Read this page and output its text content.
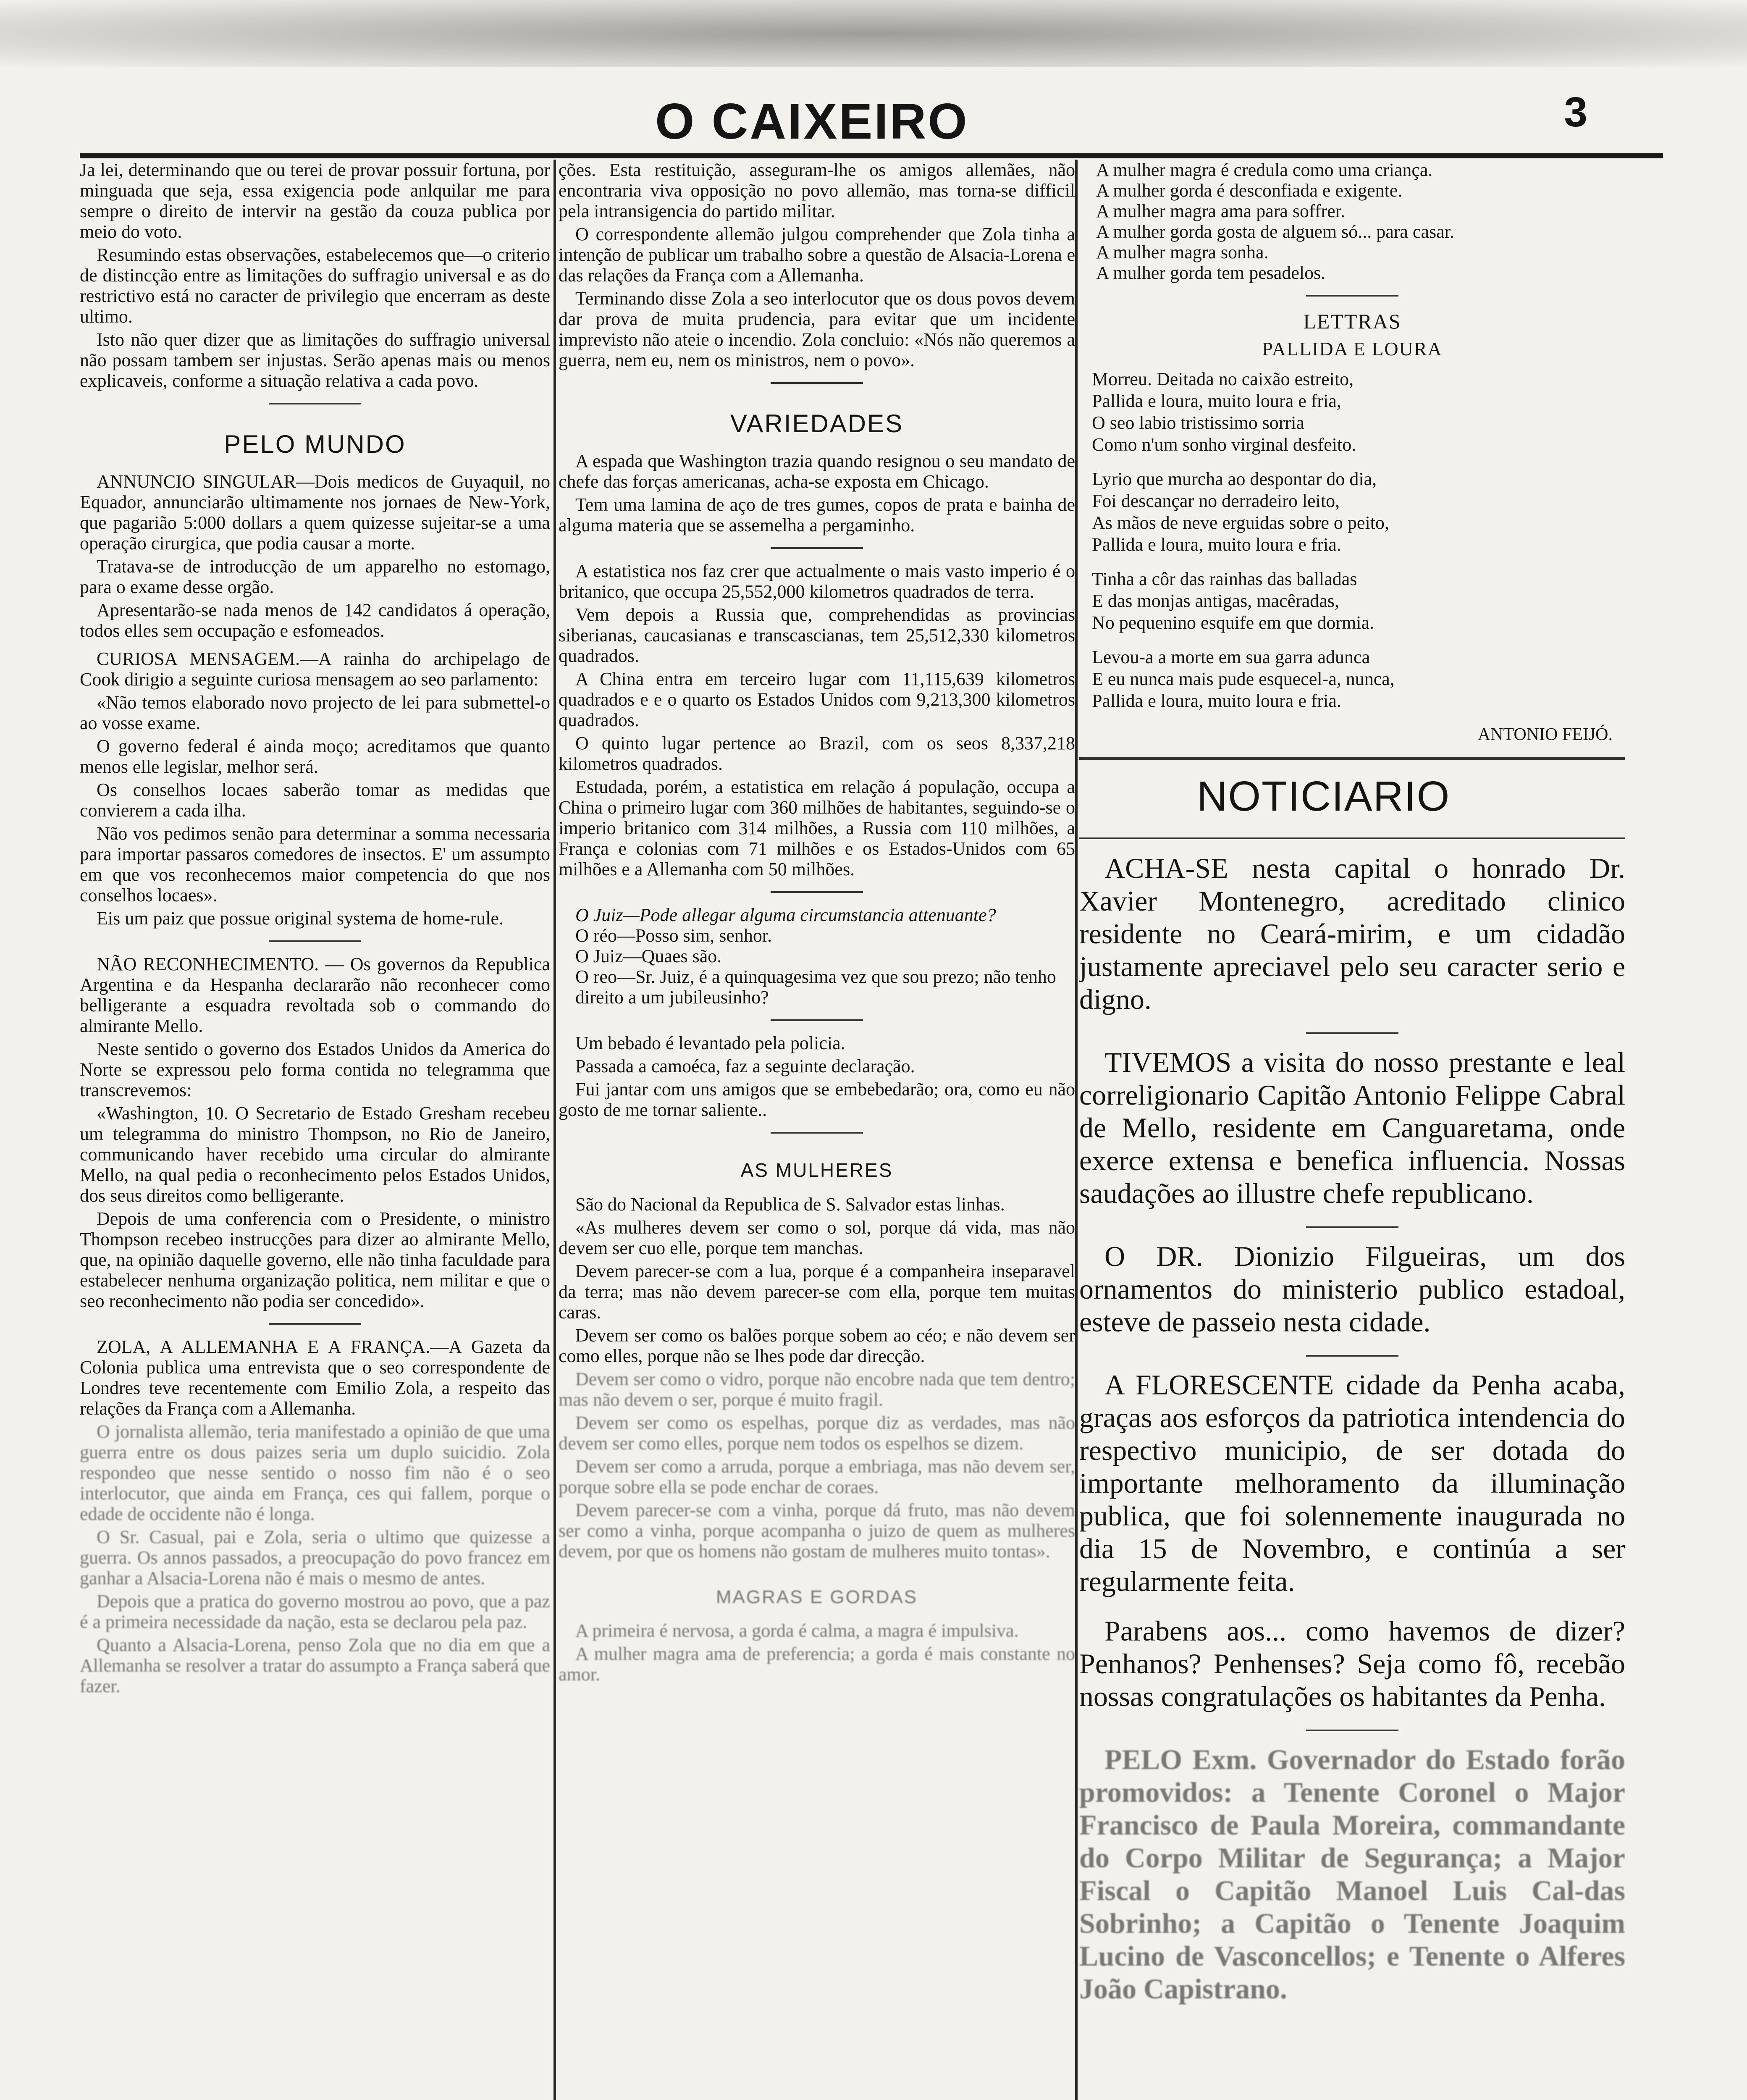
O CAIXEIRO	3

Ja lei, determinando que ou terei de provar possuir fortuna, por minguada que seja, essa exigencia pode anlquilar me para sempre o direito de intervir na gestão da couza publica por meio do voto.

Resumindo estas observações, estabelecemos que—o criterio de distincção entre as limitações do suffragio universal e as do restrictivo está no caracter de privilegio que encerram as deste ultimo.

Isto não quer dizer que as limitações do suffragio universal não possam tambem ser injustas. Serão apenas mais ou menos explicaveis, conforme a situação relativa a cada povo.

PELO MUNDO

ANNUNCIO SINGULAR—Dois medicos de Guyaquil, no Equador, annunciarão ultimamente nos jornaes de New-York, que pagarião 5:000 dollars a quem quizesse sujeitar-se a uma operação cirurgica, que podia causar a morte.

Tratava-se de introducção de um apparelho no estomago, para o exame desse orgão.

Apresentarão-se nada menos de 142 candidatos á operação, todos elles sem occupação e esfomeados.

CURIOSA MENSAGEM.—A rainha do archipelago de Cook dirigio a seguinte curiosa mensagem ao seo parlamento:

«Não temos elaborado novo projecto de lei para submettel-o ao vosse exame.

O governo federal é ainda moço; acreditamos que quanto menos elle legislar, melhor será.

Os conselhos locaes saberão tomar as medidas que convierem a cada ilha.

Não vos pedimos senão para determinar a somma necessaria para importar passaros comedores de insectos. E' um assumpto em que vos reconhecemos maior competencia do que nos conselhos locaes».

Eis um paiz que possue original systema de home-rule.

NÃO RECONHECIMENTO. — Os governos da Republica Argentina e da Hespanha declararão não reconhecer como belligerante a esquadra revoltada sob o commando do almirante Mello.

Neste sentido o governo dos Estados Unidos da America do Norte se expressou pelo forma contida no telegramma que transcrevemos:

«Washington, 10. O Secretario de Estado Gresham recebeu um telegramma do ministro Thompson, no Rio de Janeiro, communicando haver recebido uma circular do almirante Mello, na qual pedia o reconhecimento pelos Estados Unidos, dos seus direitos como belligerante.

Depois de uma conferencia com o Presidente, o ministro Thompson recebeo instrucções para dizer ao almirante Mello, que, na opinião daquelle governo, elle não tinha faculdade para estabelecer nenhuma organização politica, nem militar e que o seo reconhecimento não podia ser concedido».

ZOLA, A ALLEMANHA E A FRANÇA.—A Gazeta da Colonia publica uma entrevista que o seo correspondente de Londres teve recentemente com Emilio Zola, a respeito das relações da França com a Allemanha.

O jornalista allemão, teria manifestado a opinião de que uma guerra entre os dous paizes seria um duplo suicidio. Zola respondeo que nesse sentido o nosso fim não é o seo interlocutor, que ainda em França, ces qui fallem, porque o edade de occidente não é longa.

O Sr. Casual, pai e Zola, seria o ultimo que quizesse a guerra. Os annos passados, a preocupação do povo francez em ganhar a Alsacia-Lorena não é mais o mesmo de antes.

Depois que a pratica do governo mostrou ao povo, que a paz é a primeira necessidade da nação, esta se declarou pela paz.

Quanto a Alsacia-Lorena, penso Zola que no dia em que a Allemanha se resolver a tratar do assumpto a França saberá que fazer.

ções. Esta restituição, asseguram-lhe os amigos allemães, não encontraria viva opposição no povo allemão, mas torna-se difficil pela intransigencia do partido militar.

O correspondente allemão julgou comprehender que Zola tinha a intenção de publicar um trabalho sobre a questão de Alsacia-Lorena e das relações da França com a Allemanha.

Terminando disse Zola a seo interlocutor que os dous povos devem dar prova de muita prudencia, para evitar que um incidente imprevisto não ateie o incendio. Zola concluio: «Nós não queremos a guerra, nem eu, nem os ministros, nem o povo».

VARIEDADES

A espada que Washington trazia quando resignou o seu mandato de chefe das forças americanas, acha-se exposta em Chicago.

Tem uma lamina de aço de tres gumes, copos de prata e bainha de alguma materia que se assemelha a pergaminho.

A estatistica nos faz crer que actualmente o mais vasto imperio é o britanico, que occupa 25,552,000 kilometros quadrados de terra.

Vem depois a Russia que, comprehendidas as provincias siberianas, caucasianas e transcascianas, tem 25,512,330 kilometros quadrados.

A China entra em terceiro lugar com 11,115,639 kilometros quadrados e e o quarto os Estados Unidos com 9,213,300 kilometros quadrados.

O quinto lugar pertence ao Brazil, com os seos 8,337,218 kilometros quadrados.

Estudada, porém, a estatistica em relação á população, occupa a China o primeiro lugar com 360 milhões de habitantes, seguindo-se o imperio britanico com 314 milhões, a Russia com 110 milhões, a França e colonias com 71 milhões e os Estados-Unidos com 65 milhões e a Allemanha com 50 milhões.

O Juiz—Pode allegar alguma circumstancia attenuante?

O réo—Posso sim, senhor.

O Juiz—Quaes são.

O reo—Sr. Juiz, é a quinquagesima vez que sou prezo; não tenho direito a um jubileusinho?

Um bebado é levantado pela policia.

Passada a camoéca, faz a seguinte declaração.

Fui jantar com uns amigos que se embebedarão; ora, como eu não gosto de me tornar saliente..

AS MULHERES

São do Nacional da Republica de S. Salvador estas linhas.

«As mulheres devem ser como o sol, porque dá vida, mas não devem ser cuo elle, porque tem manchas.

Devem parecer-se com a lua, porque é a companheira inseparavel da terra; mas não devem parecer-se com ella, porque tem muitas caras.

Devem ser como os balões porque sobem ao céo; e não devem ser como elles, porque não se lhes pode dar direcção.

Devem ser como o vidro, porque não encobre nada que tem dentro; mas não devem o ser, porque é muito fragil.

Devem ser como os espelhas, porque diz as verdades, mas não devem ser como elles, porque nem todos os espelhos se dizem.

Devem ser como a arruda, porque a embriaga, mas não devem ser, porque sobre ella se pode enchar de coraes.

Devem parecer-se com a vinha, porque dá fruto, mas não devem ser como a vinha, porque acompanha o juizo de quem as mulheres devem, por que os homens não gostam de mulheres muito tontas».

MAGRAS E GORDAS

A primeira é nervosa, a gorda é calma, a magra é impulsiva.

A mulher magra ama de preferencia; a gorda é mais constante no amor.

A mulher magra é credula como uma criança.

A mulher gorda é desconfiada e exigente.

A mulher magra ama para soffrer.

A mulher gorda gosta de alguem só... para casar.

A mulher magra sonha.

A mulher gorda tem pesadelos.

LETTRAS
PALLIDA E LOURA

Morreu. Deitada no caixão estreito,

Pallida e loura, muito loura e fria,

O seo labio tristissimo sorria

Como n'um sonho virginal desfeito.

Lyrio que murcha ao despontar do dia,

Foi descançar no derradeiro leito,

As mãos de neve erguidas sobre o peito,

Pallida e loura, muito loura e fria.

Tinha a côr das rainhas das balladas

E das monjas antigas, macêradas,

No pequenino esquife em que dormia.

Levou-a a morte em sua garra adunca

E eu nunca mais pude esquecel-a, nunca,

Pallida e loura, muito loura e fria.

ANTONIO FEIJÓ.
NOTICIARIO

ACHA-SE nesta capital o honrado Dr. Xavier Montenegro, acreditado clinico residente no Ceará-mirim, e um cidadão justamente apreciavel pelo seu caracter serio e digno.

TIVEMOS a visita do nosso prestante e leal correligionario Capitão Antonio Felippe Cabral de Mello, residente em Canguaretama, onde exerce extensa e benefica influencia. Nossas saudações ao illustre chefe republicano.

O DR. Dionizio Filgueiras, um dos ornamentos do ministerio publico estadoal, esteve de passeio nesta cidade.

A FLORESCENTE cidade da Penha acaba, graças aos esforços da patriotica intendencia do respectivo municipio, de ser dotada do importante melhoramento da illuminação publica, que foi solennemente inaugurada no dia 15 de Novembro, e continúa a ser regularmente feita.

Parabens aos... como havemos de dizer? Penhanos? Penhenses? Seja como fô, recebão nossas congratulações os habitantes da Penha.

PELO Exm. Governador do Estado forão promovidos: a Tenente Coronel o Major Francisco de Paula Moreira, commandante do Corpo Militar de Segurança; a Major Fiscal o Capitão Manoel Luis Cal-das Sobrinho; a Capitão o Tenente Joaquim Lucino de Vasconcellos; e Tenente o Alferes João Capistrano.
